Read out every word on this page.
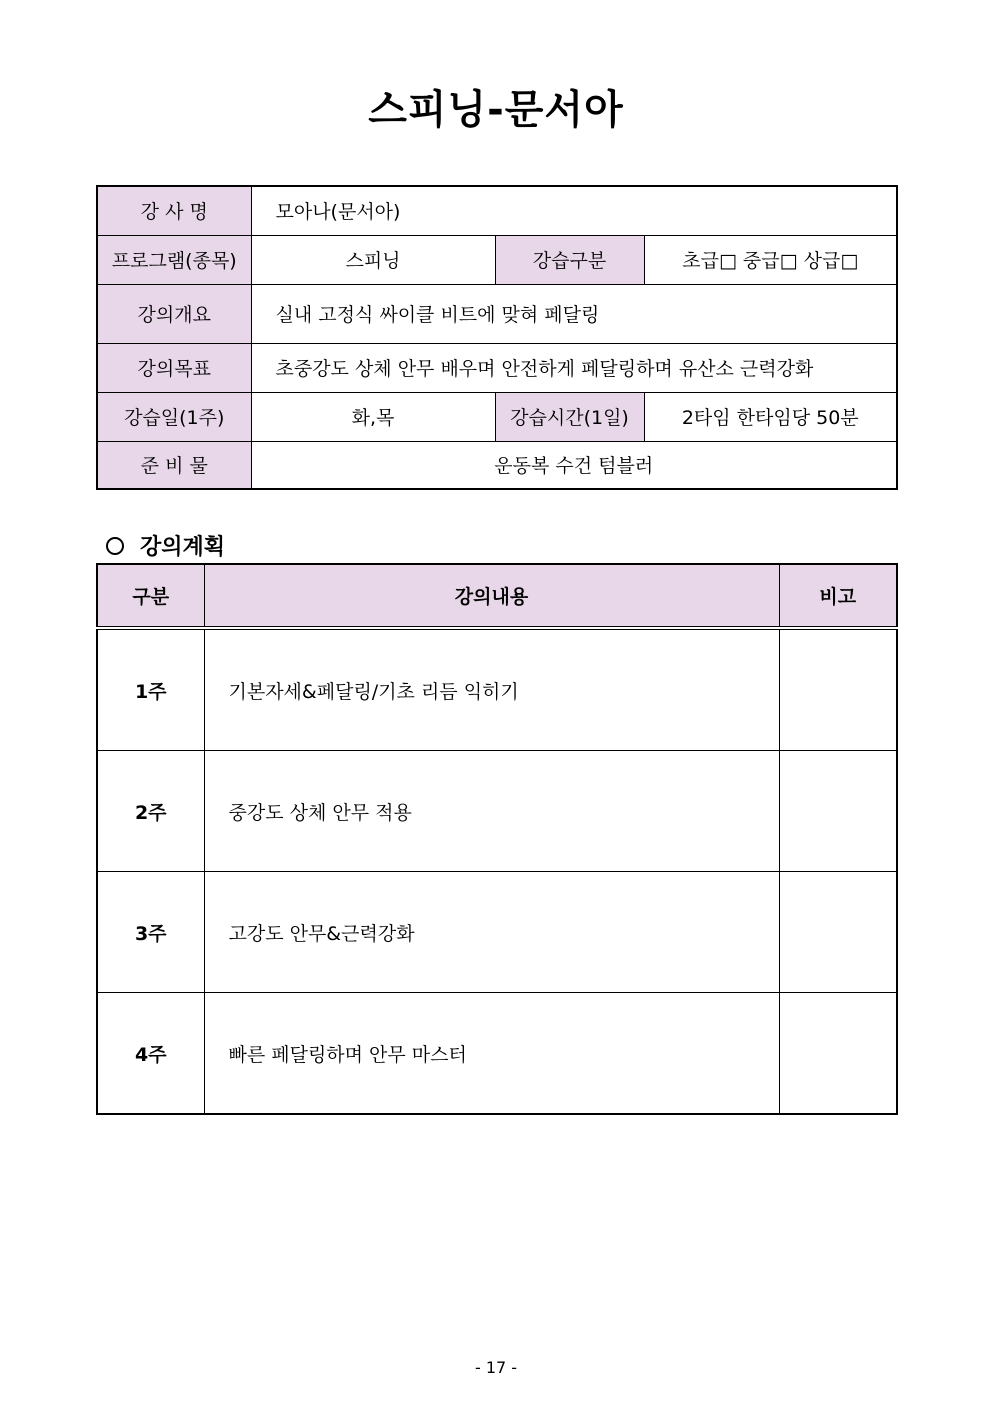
스피닝-문서아
강 사 명	모아나(문서아)		
프로그램(종목)	스피닝	강습구분	초급□ 중급□ 상급□
강의개요	실내 고정식 싸이클 비트에 맞혀 페달링		
강의목표	초중강도 상체 안무 배우며 안전하게 페달링하며 유산소 근력강화		
강습일(1주)	화,목	강습시간(1일)	2타임 한타임당 50분
준 비 물	운동복 수건 텀블러		
강의계획
구분	강의내용	비고
1주	기본자세&페달링/기초 리듬 익히기	
2주	중강도 상체 안무 적용	
3주	고강도 안무&근력강화	
4주	빠른 페달링하며 안무 마스터	
- 17 -
